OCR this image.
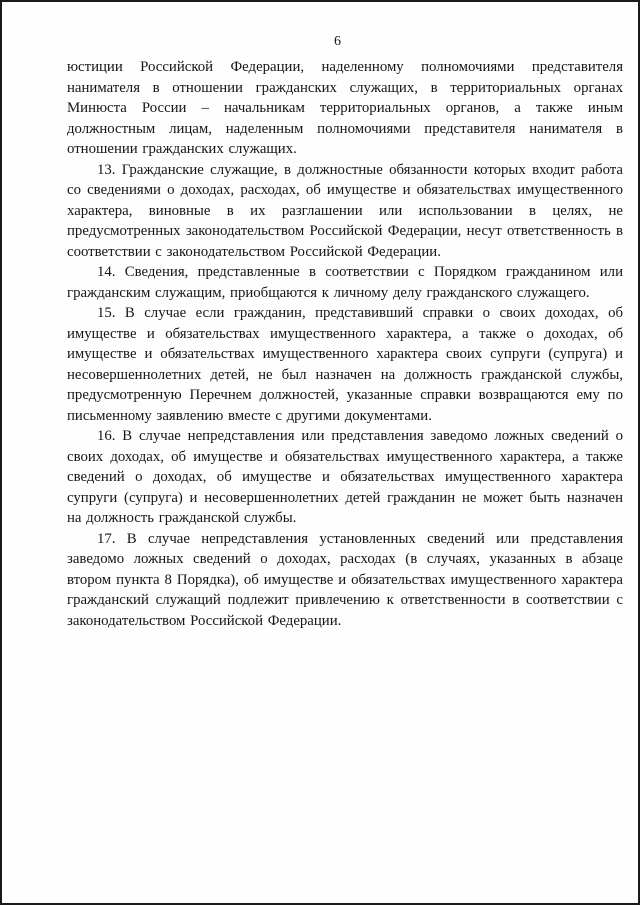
6

юстиции Российской Федерации, наделенному полномочиями представителя нанимателя в отношении гражданских служащих, в территориальных органах Минюста России – начальникам территориальных органов, а также иным должностным лицам, наделенным полномочиями представителя нанимателя в отношении гражданских служащих.

13. Гражданские служащие, в должностные обязанности которых входит работа со сведениями о доходах, расходах, об имуществе и обязательствах имущественного характера, виновные в их разглашении или использовании в целях, не предусмотренных законодательством Российской Федерации, несут ответственность в соответствии с законодательством Российской Федерации.

14. Сведения, представленные в соответствии с Порядком гражданином или гражданским служащим, приобщаются к личному делу гражданского служащего.

15. В случае если гражданин, представивший справки о своих доходах, об имуществе и обязательствах имущественного характера, а также о доходах, об имуществе и обязательствах имущественного характера своих супруги (супруга) и несовершеннолетних детей, не был назначен на должность гражданской службы, предусмотренную Перечнем должностей, указанные справки возвращаются ему по письменному заявлению вместе с другими документами.

16. В случае непредставления или представления заведомо ложных сведений о своих доходах, об имуществе и обязательствах имущественного характера, а также сведений о доходах, об имуществе и обязательствах имущественного характера супруги (супруга) и несовершеннолетних детей гражданин не может быть назначен на должность гражданской службы.

17. В случае непредставления установленных сведений или представления заведомо ложных сведений о доходах, расходах (в случаях, указанных в абзаце втором пункта 8 Порядка), об имуществе и обязательствах имущественного характера гражданский служащий подлежит привлечению к ответственности в соответствии с законодательством Российской Федерации.
